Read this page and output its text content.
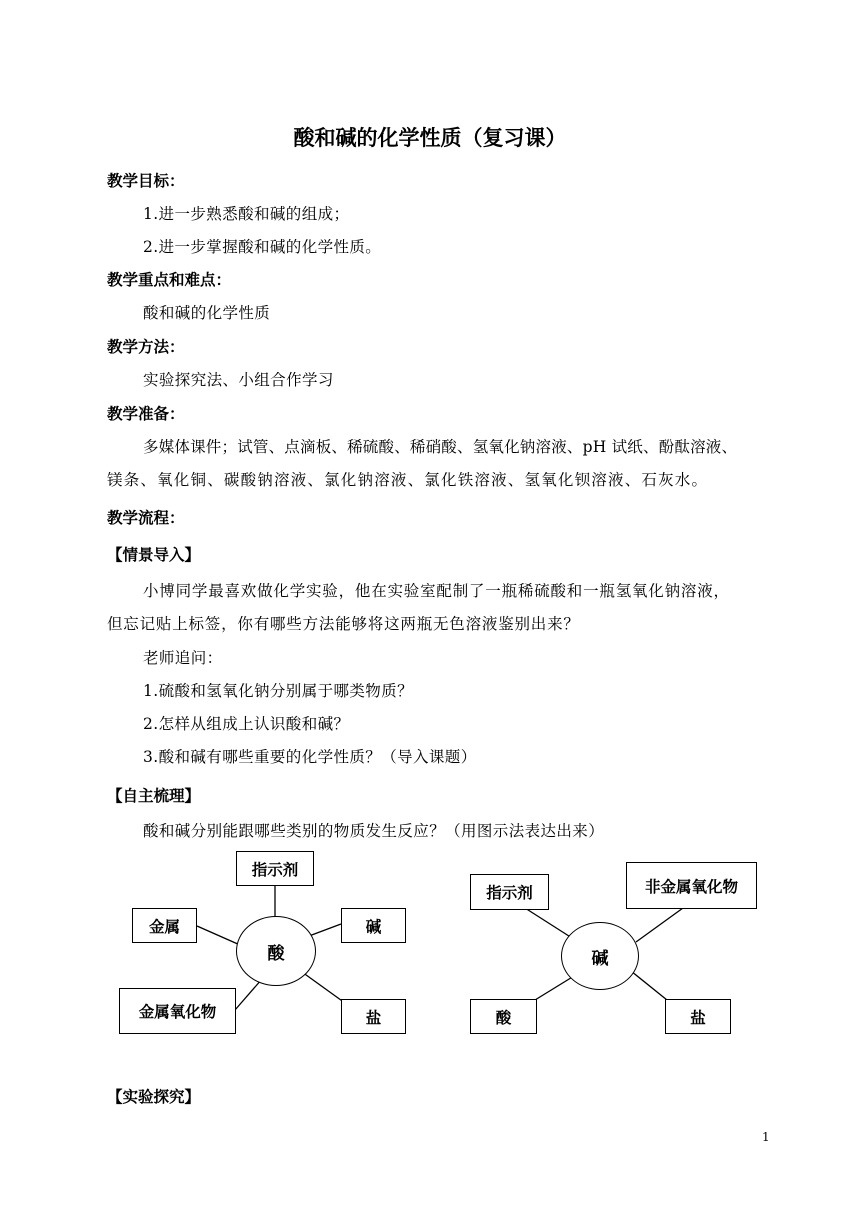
酸和碱的化学性质（复习课）
教学目标：
1.进一步熟悉酸和碱的组成；
2.进一步掌握酸和碱的化学性质。
教学重点和难点：
酸和碱的化学性质
教学方法：
实验探究法、小组合作学习
教学准备：
多媒体课件；试管、点滴板、稀硫酸、稀硝酸、氢氧化钠溶液、pH 试纸、酚酞溶液、
镁条、氧化铜、碳酸钠溶液、氯化钠溶液、氯化铁溶液、氢氧化钡溶液、石灰水。
教学流程：
【情景导入】
小博同学最喜欢做化学实验，他在实验室配制了一瓶稀硫酸和一瓶氢氧化钠溶液，
但忘记贴上标签，你有哪些方法能够将这两瓶无色溶液鉴别出来？
老师追问：
1.硫酸和氢氧化钠分别属于哪类物质？
2.怎样从组成上认识酸和碱？
3.酸和碱有哪些重要的化学性质？（导入课题）
【自主梳理】
酸和碱分别能跟哪些类别的物质发生反应？（用图示法表达出来）
指示剂
金属	碱
酸
金属氧化物	盐
指示剂	非金属氧化物
碱
酸	盐
【实验探究】
1
